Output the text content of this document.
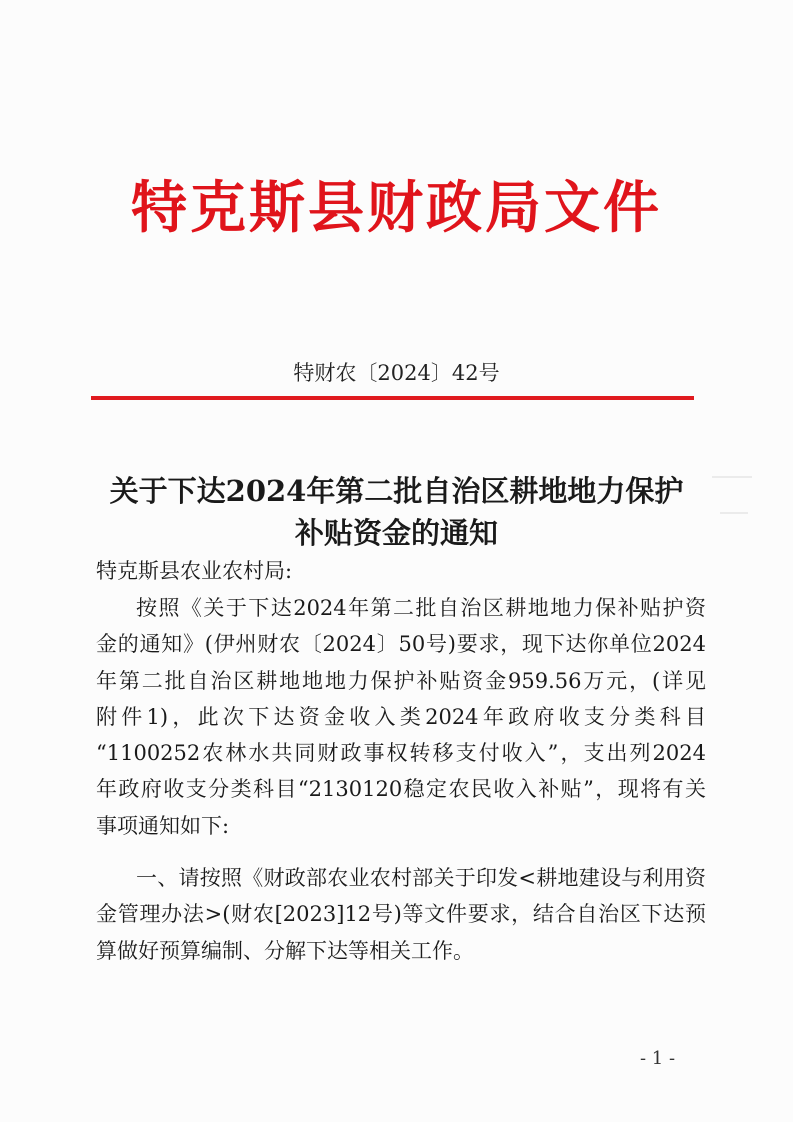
特克斯县财政局文件
特财农〔2024〕42号
关于下达2024年第二批自治区耕地地力保护
补贴资金的通知
特克斯县农业农村局:
按照《关于下达2024年第二批自治区耕地地力保补贴护资
金的通知》(伊州财农〔2024〕50号)要求，现下达你单位2024
年第二批自治区耕地地地力保护补贴资金959.56万元，(详见
附件1)，此次下达资金收入类2024年政府收支分类科目
“1100252农林水共同财政事权转移支付收入”，支出列2024
年政府收支分类科目“2130120稳定农民收入补贴”，现将有关
事项通知如下:
一、请按照《财政部农业农村部关于印发<耕地建设与利用资
金管理办法>(财农[2023]12号)等文件要求，结合自治区下达预
算做好预算编制、分解下达等相关工作。
- 1 -
